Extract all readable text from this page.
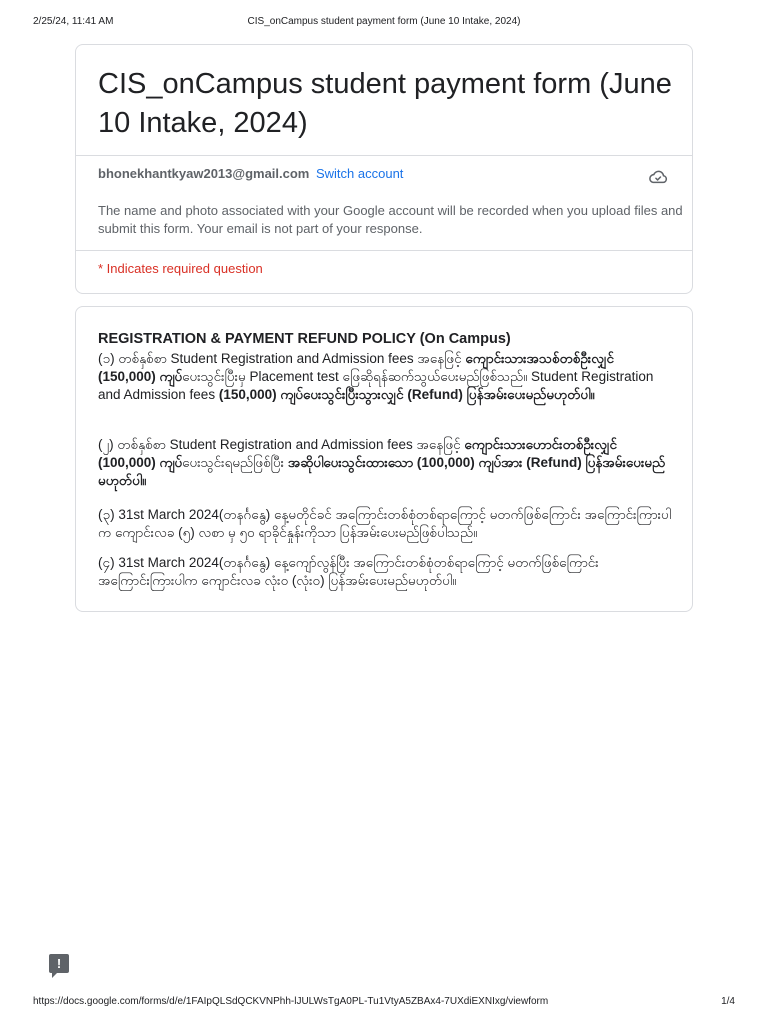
2/25/24, 11:41 AM	CIS_onCampus student payment form (June 10 Intake, 2024)
CIS_onCampus student payment form (June 10 Intake, 2024)
bhonekhantkyaw2013@gmail.com Switch account
The name and photo associated with your Google account will be recorded when you upload files and submit this form. Your email is not part of your response.
* Indicates required question
REGISTRATION & PAYMENT REFUND POLICY (On Campus)
(၁) တစ်နှစ်စာ Student Registration and Admission fees အနေဖြင့် ကျောင်းသားအသစ်တစ်ဦးလျှင် (150,000) ကျပ်ပေးသွင်းပြီးမှ Placement test ဖြေဆိုရန်ဆက်သွယ်ပေးမည်ဖြစ်သည်။ Student Registration and Admission fees (150,000) ကျပ်ပေးသွင်းပြီးသွားလျှင် (Refund) ပြန်အမ်းပေးမည်မဟုတ်ပါ။
(၂) တစ်နှစ်စာ Student Registration and Admission fees အနေဖြင့် ကျောင်းသားဟောင်းတစ်ဦးလျှင် (100,000) ကျပ်ပေးသွင်းရမည်ဖြစ်ပြီး အဆိုပါပေးသွင်းထားသော (100,000) ကျပ်အား (Refund) ပြန်အမ်းပေးမည်မဟုတ်ပါ။
(၃) 31st March 2024(တနင်္ဂနွေ) နေ့မတိုင်ခင် အကြောင်းတစ်စုံတစ်ရာကြောင့် မတက်ဖြစ်ကြောင်း အကြောင်းကြားပါက ကျောင်းလခ (၅) လစာ မှ ၅၀ ရာခိုင်နှုန်းကိုသာ ပြန်အမ်းပေးမည်ဖြစ်ပါသည်။
(၄) 31st March 2024(တနင်္ဂနွေ) နေ့ကျော်လွန်ပြီး အကြောင်းတစ်စုံတစ်ရာကြောင့် မတက်ဖြစ်ကြောင်း အကြောင်းကြားပါက ကျောင်းလခ လုံးဝ (လုံးဝ) ပြန်အမ်းပေးမည်မဟုတ်ပါ။
!
https://docs.google.com/forms/d/e/1FAIpQLSdQCKVNPhh-lJULWsTgA0PL-Tu1VtyA5ZBAx4-7UXdiEXNIxg/viewform	1/4
